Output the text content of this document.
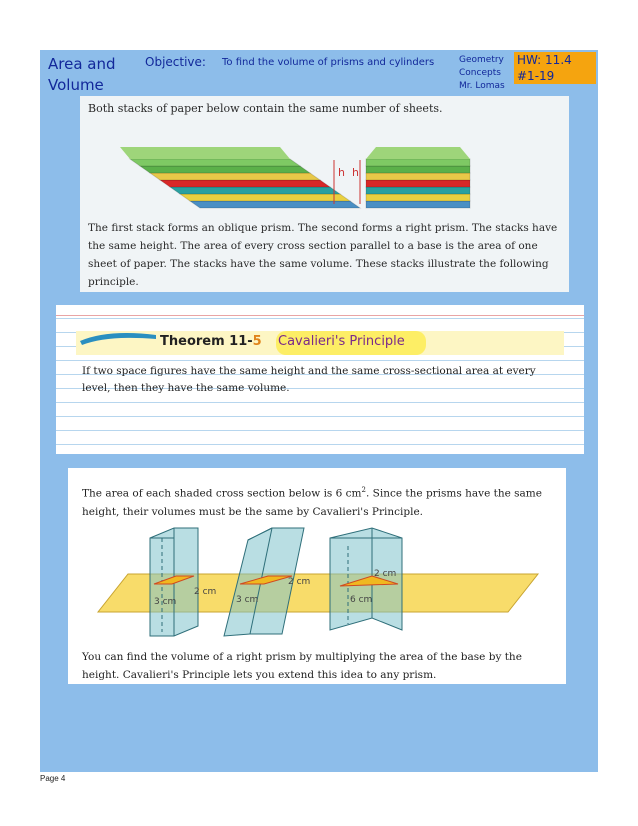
Area and
Volume
Objective: To find the volume of prisms and cylinders	Geometry
Concepts
Mr. Lomas
HW: 11.4
#1-19

Both stacks of paper below contain the same number of sheets.

h h

The first stack forms an oblique prism. The second forms a right prism. The stacks have the same height. The area of every cross section parallel to a base is the area of one sheet of paper. The stacks have the same volume. These stacks illustrate the following principle.

Theorem 11-5 Cavalieri's Principle
If two space figures have the same height and the same cross-sectional area at every level, then they have the same volume.
The area of each shaded cross section below is 6 $cm^2$. Since the prisms have the same height, their volumes must be the same by Cavalieri's Principle.
2 cm
3 cm
2 cm
3 cm
2 cm
6 cm
You can find the volume of a right prism by multiplying the area of the base by the height. Cavalieri's Principle lets you extend this idea to any prism.
Page 4
